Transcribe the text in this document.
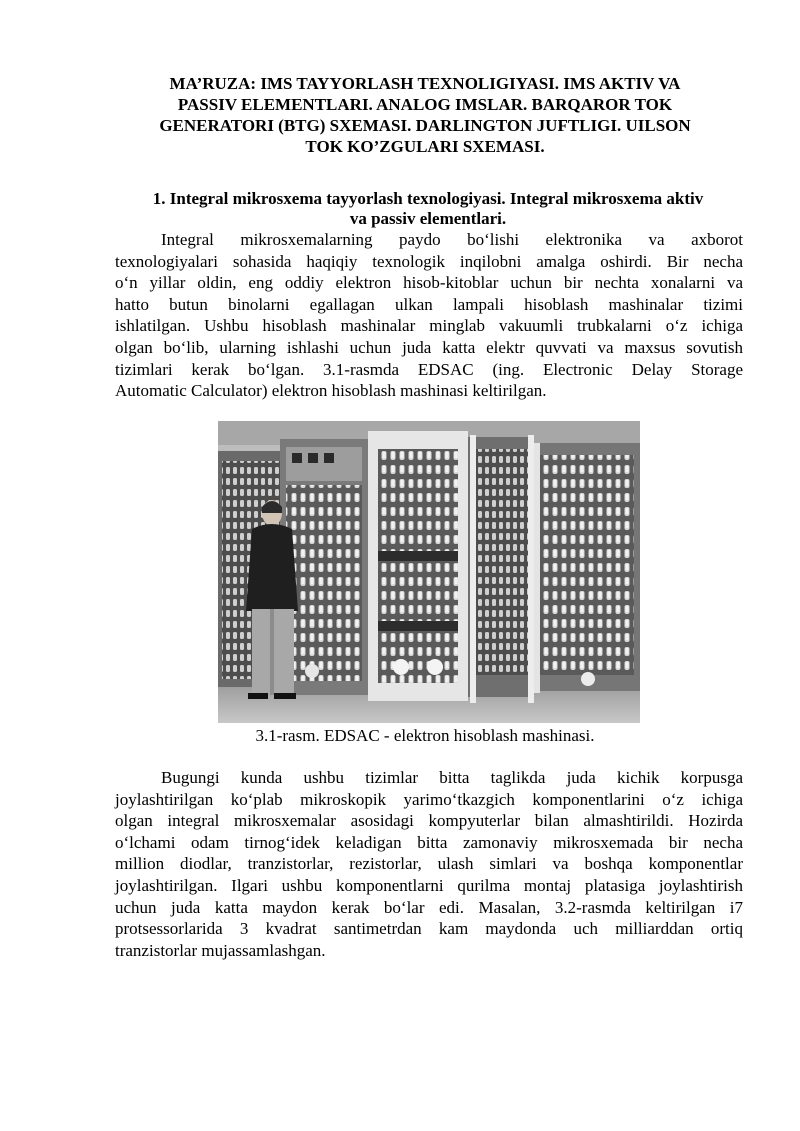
MA’RUZA: IMS TAYYORLASH TEXNOLIGIYASI. IMS AKTIV VA
PASSIV ELEMENTLARI. ANALOG IMSLAR. BARQAROR TOK
GENERATORI (BTG) SXEMASI. DARLINGTON JUFTLIGI. UILSON
TOK KO’ZGULARI SXEMASI.
1. Integral mikrosxema tayyorlash texnologiyasi. Integral mikrosxema aktiv
va passiv elementlari.

Integral mikrosxemalarning paydo bo‘lishi elektronika va axborot
texnologiyalari sohasida haqiqiy texnologik inqilobni amalga oshirdi. Bir necha
o‘n yillar oldin, eng oddiy elektron hisob-kitoblar uchun bir nechta xonalarni va
hatto butun binolarni egallagan ulkan lampali hisoblash mashinalar tizimi
ishlatilgan. Ushbu hisoblash mashinalar minglab vakuumli trubkalarni o‘z ichiga
olgan bo‘lib, ularning ishlashi uchun juda katta elektr quvvati va maxsus sovutish
tizimlari kerak bo‘lgan. 3.1-rasmda EDSAC (ing. Electronic Delay Storage
Automatic Calculator) elektron hisoblash mashinasi keltirilgan.

3.1-rasm. EDSAC - elektron hisoblash mashinasi.

Bugungi kunda ushbu tizimlar bitta taglikda juda kichik korpusga
joylashtirilgan ko‘plab mikroskopik yarimo‘tkazgich komponentlarini o‘z ichiga
olgan integral mikrosxemalar asosidagi kompyuterlar bilan almashtirildi. Hozirda
o‘lchami odam tirnog‘idek keladigan bitta zamonaviy mikrosxemada bir necha
million diodlar, tranzistorlar, rezistorlar, ulash simlari va boshqa komponentlar
joylashtirilgan. Ilgari ushbu komponentlarni qurilma montaj platasiga joylashtirish
uchun juda katta maydon kerak bo‘lar edi. Masalan, 3.2-rasmda keltirilgan i7
protsessorlarida 3 kvadrat santimetrdan kam maydonda uch milliarddan ortiq
tranzistorlar mujassamlashgan.
